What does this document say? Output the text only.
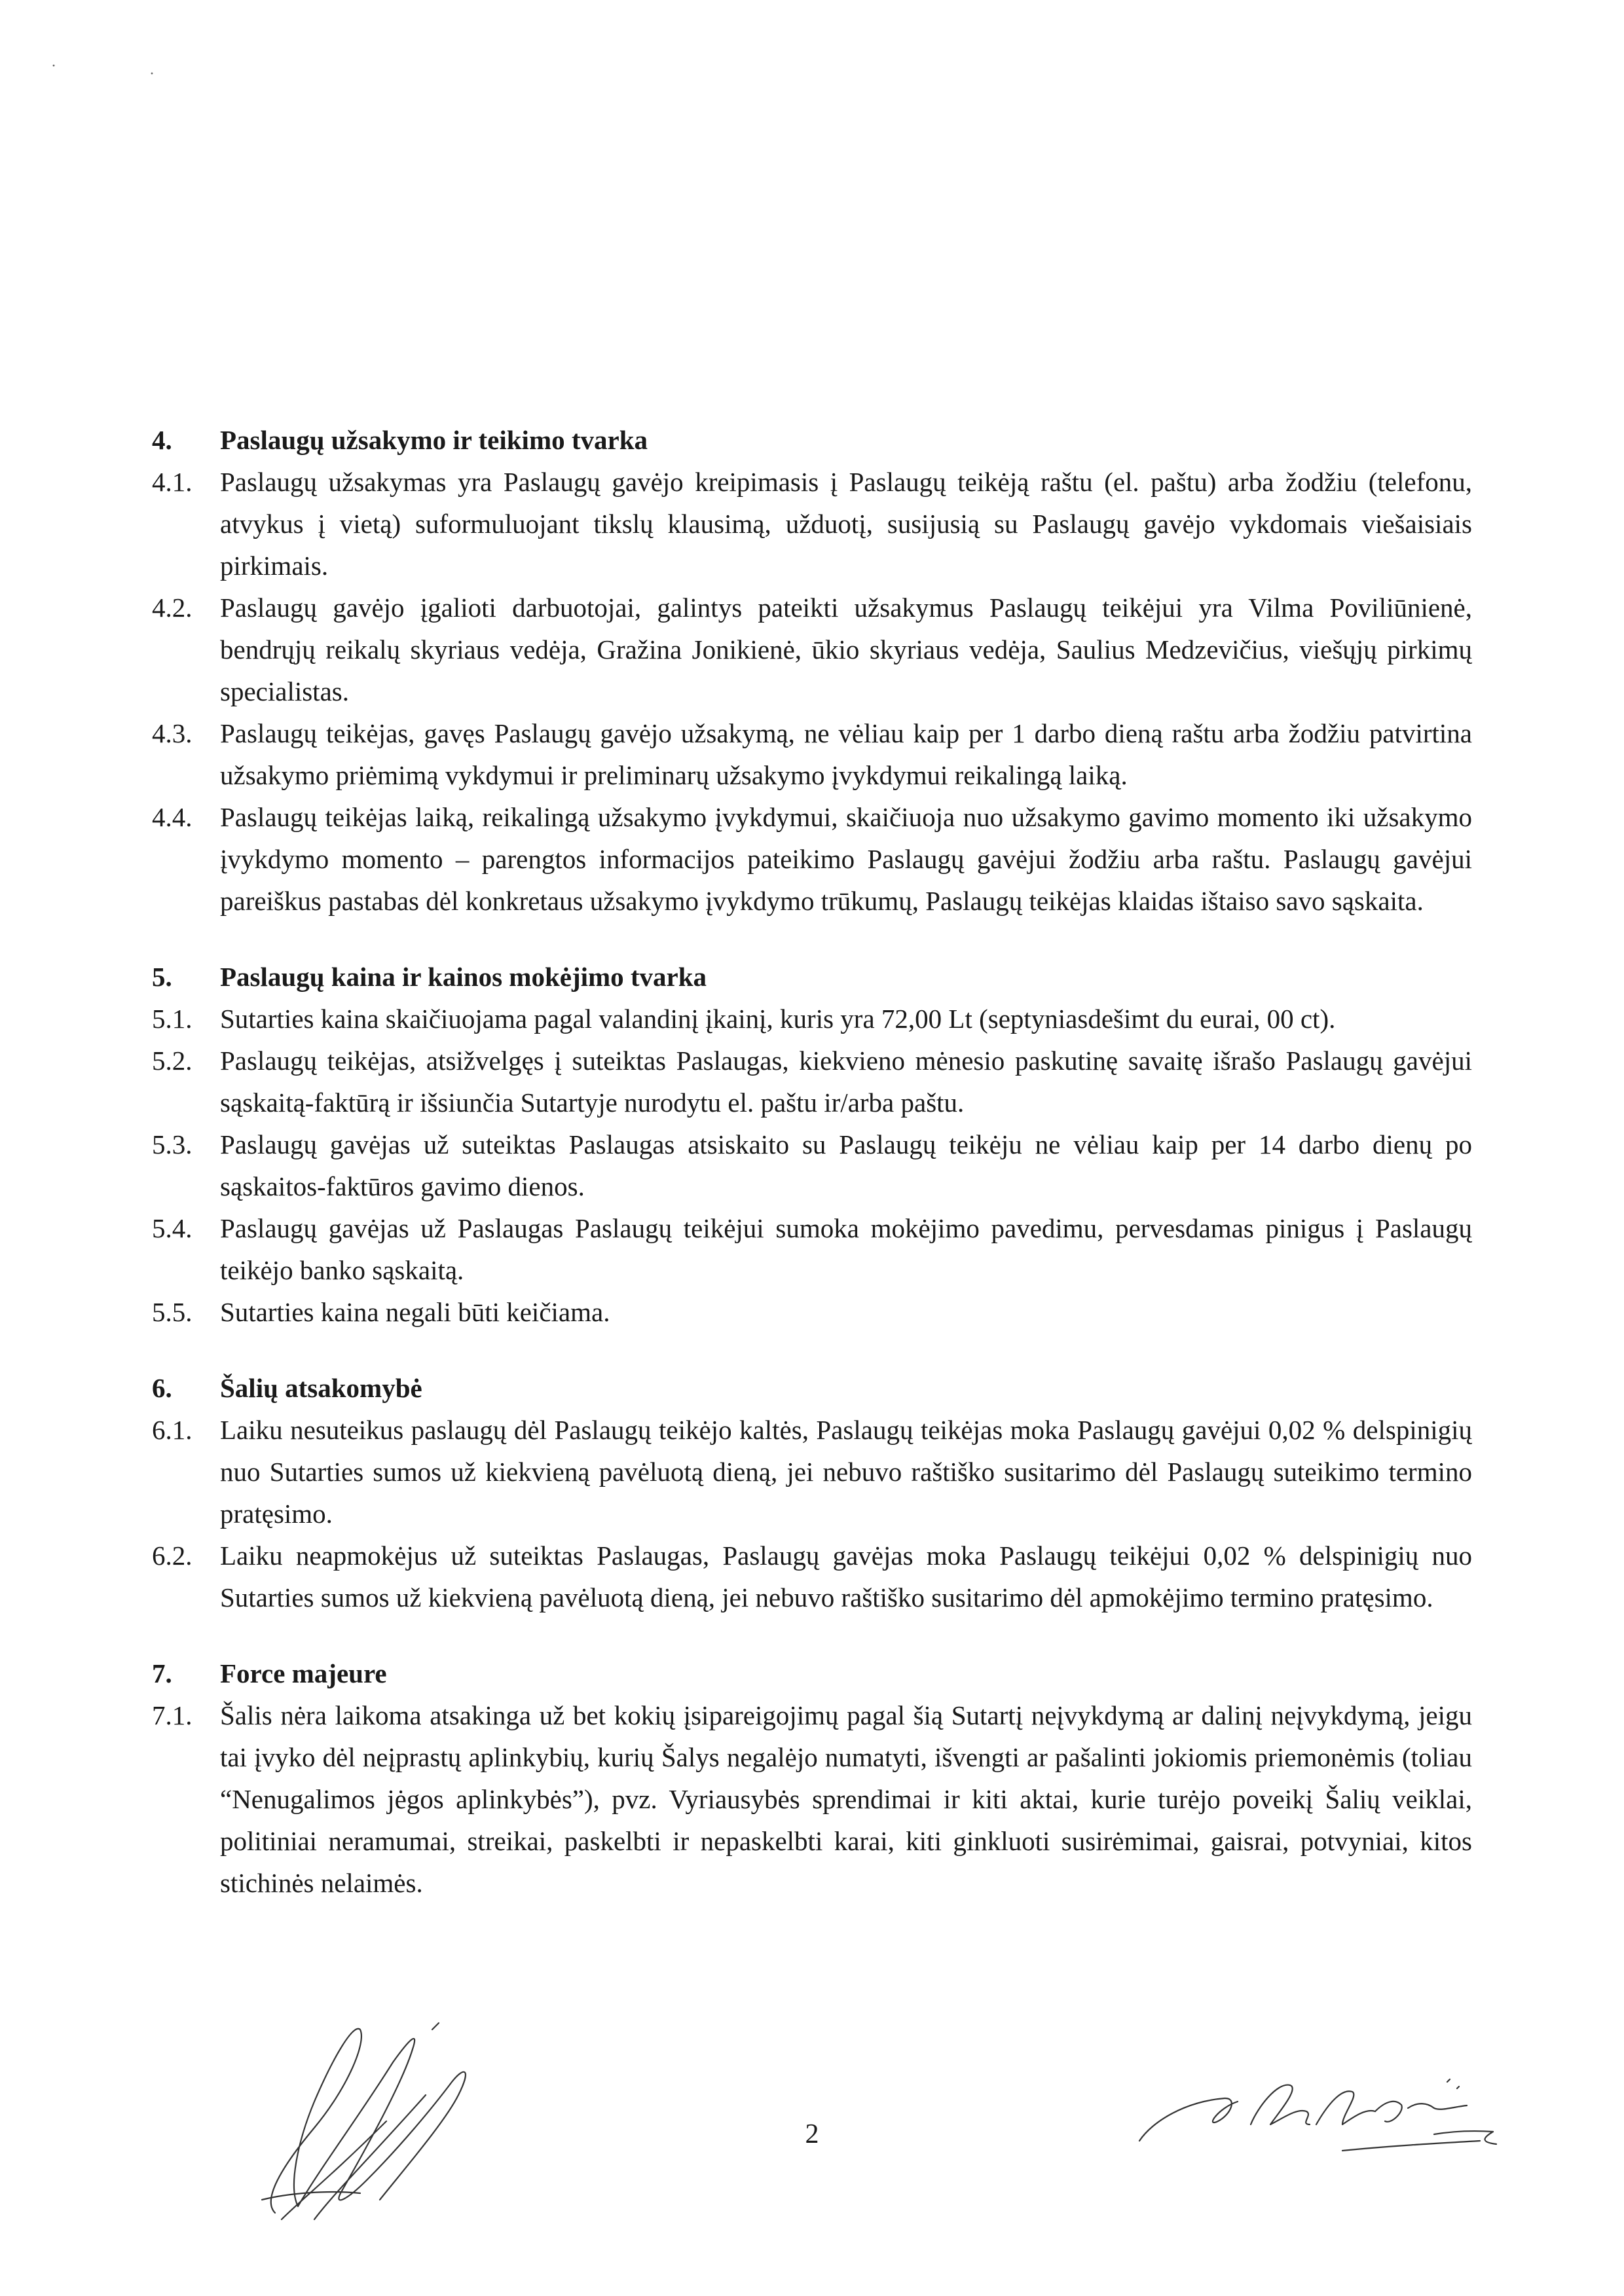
·	·
4.	Paslaugų užsakymo ir teikimo tvarka
4.1.	Paslaugų užsakymas yra Paslaugų gavėjo kreipimasis į Paslaugų teikėją raštu (el. paštu) arba žodžiu (telefonu, atvykus į vietą) suformuluojant tikslų klausimą, užduotį, susijusią su Paslaugų gavėjo vykdomais viešaisiais pirkimais.
4.2.	Paslaugų gavėjo įgalioti darbuotojai, galintys pateikti užsakymus Paslaugų teikėjui yra Vilma Poviliūnienė, bendrųjų reikalų skyriaus vedėja, Gražina Jonikienė, ūkio skyriaus vedėja, Saulius Medzevičius, viešųjų pirkimų specialistas.
4.3.	Paslaugų teikėjas, gavęs Paslaugų gavėjo užsakymą, ne vėliau kaip per 1 darbo dieną raštu arba žodžiu patvirtina užsakymo priėmimą vykdymui ir preliminarų užsakymo įvykdymui reikalingą laiką.
4.4.	Paslaugų teikėjas laiką, reikalingą užsakymo įvykdymui, skaičiuoja nuo užsakymo gavimo momento iki užsakymo įvykdymo momento – parengtos informacijos pateikimo Paslaugų gavėjui žodžiu arba raštu. Paslaugų gavėjui pareiškus pastabas dėl konkretaus užsakymo įvykdymo trūkumų, Paslaugų teikėjas klaidas ištaiso savo sąskaita.
5.	Paslaugų kaina ir kainos mokėjimo tvarka
5.1.	Sutarties kaina skaičiuojama pagal valandinį įkainį, kuris yra 72,00 Lt (septyniasdešimt du eurai, 00 ct).
5.2.	Paslaugų teikėjas, atsižvelgęs į suteiktas Paslaugas, kiekvieno mėnesio paskutinę savaitę išrašo Paslaugų gavėjui sąskaitą-faktūrą ir išsiunčia Sutartyje nurodytu el. paštu ir/arba paštu.
5.3.	Paslaugų gavėjas už suteiktas Paslaugas atsiskaito su Paslaugų teikėju ne vėliau kaip per 14 darbo dienų po sąskaitos-faktūros gavimo dienos.
5.4.	Paslaugų gavėjas už Paslaugas Paslaugų teikėjui sumoka mokėjimo pavedimu, pervesdamas pinigus į Paslaugų teikėjo banko sąskaitą.
5.5.	Sutarties kaina negali būti keičiama.
6.	Šalių atsakomybė
6.1.	Laiku nesuteikus paslaugų dėl Paslaugų teikėjo kaltės, Paslaugų teikėjas moka Paslaugų gavėjui 0,02 % delspinigių nuo Sutarties sumos už kiekvieną pavėluotą dieną, jei nebuvo raštiško susitarimo dėl Paslaugų suteikimo termino pratęsimo.
6.2.	Laiku neapmokėjus už suteiktas Paslaugas, Paslaugų gavėjas moka Paslaugų teikėjui 0,02 % delspinigių nuo Sutarties sumos už kiekvieną pavėluotą dieną, jei nebuvo raštiško susitarimo dėl apmokėjimo termino pratęsimo.
7.	Force majeure
7.1.	Šalis nėra laikoma atsakinga už bet kokių įsipareigojimų pagal šią Sutartį neįvykdymą ar dalinį neįvykdymą, jeigu tai įvyko dėl neįprastų aplinkybių, kurių Šalys negalėjo numatyti, išvengti ar pašalinti jokiomis priemonėmis (toliau “Nenugalimos jėgos aplinkybės”), pvz. Vyriausybės sprendimai ir kiti aktai, kurie turėjo poveikį Šalių veiklai, politiniai neramumai, streikai, paskelbti ir nepaskelbti karai, kiti ginkluoti susirėmimai, gaisrai, potvyniai, kitos stichinės nelaimės.
2
